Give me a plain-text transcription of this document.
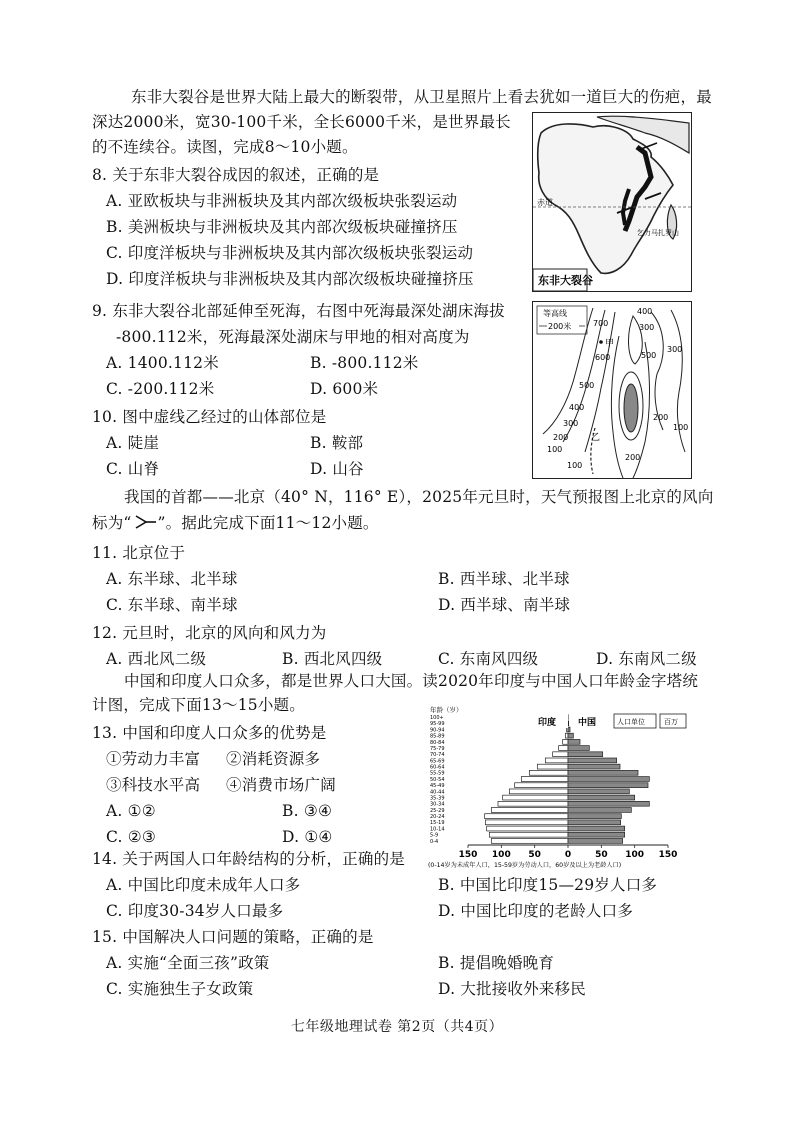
东非大裂谷是世界大陆上最大的断裂带，从卫星照片上看去犹如一道巨大的伤疤，最
深达2000米，宽30-100千米，全长6000千米，是世界最长
的不连续谷。读图，完成8～10小题。
赤道
乞力马扎罗山
东非大裂谷
8. 关于东非大裂谷成因的叙述，正确的是
A. 亚欧板块与非洲板块及其内部次级板块张裂运动
B. 美洲板块与非洲板块及其内部次级板块碰撞挤压
C. 印度洋板块与非洲板块及其内部次级板块张裂运动
D. 印度洋板块与非洲板块及其内部次级板块碰撞挤压
等高线
200米
甲
乙
400
700	300
600	500
300
500
400
300
200
100
200
100
200
100
9. 东非大裂谷北部延伸至死海，右图中死海最深处湖床海拔
-800.112米，死海最深处湖床与甲地的相对高度为
A. 1400.112米	B. -800.112米
C. -200.112米	D. 600米
10. 图中虚线乙经过的山体部位是
A. 陡崖	B. 鞍部
C. 山脊	D. 山谷
我国的首都——北京（40° N，116° E），2025年元旦时，天气预报图上北京的风向
标为“ ”。据此完成下面11～12小题。
11. 北京位于
A. 东半球、北半球	B. 西半球、北半球
C. 东半球、南半球	D. 西半球、南半球
12. 元旦时，北京的风向和风力为
A. 西北风二级	B. 西北风四级	C. 东南风四级	D. 东南风二级
中国和印度人口众多，都是世界人口大国。读2020年印度与中国人口年龄金字塔统
计图，完成下面13～15小题。
13. 中国和印度人口众多的优势是
①劳动力丰富 ②消耗资源多
③科技水平高 ④消费市场广阔
A. ①②	B. ③④
C. ②③	D. ①④
年龄（岁）
0-4
5-9
10-14
15-19
20-24
25-29
30-34
35-39
40-44
45-49
50-54
55-59
60-64
65-69
70-74
75-79
80-84
85-89
90-94
95-99
100+
150 100 50	0	50 100 150
印度 中国	人口单位	百万
(0-14岁为未成年人口，15-59岁为劳动人口，60岁及以上为老龄人口)
14. 关于两国人口年龄结构的分析，正确的是
A. 中国比印度未成年人口多	B. 中国比印度15—29岁人口多
C. 印度30-34岁人口最多	D. 中国比印度的老龄人口多
15. 中国解决人口问题的策略，正确的是
A. 实施“全面三孩”政策	B. 提倡晚婚晚育
C. 实施独生子女政策	D. 大批接收外来移民
七年级地理试卷 第2页（共4页）
